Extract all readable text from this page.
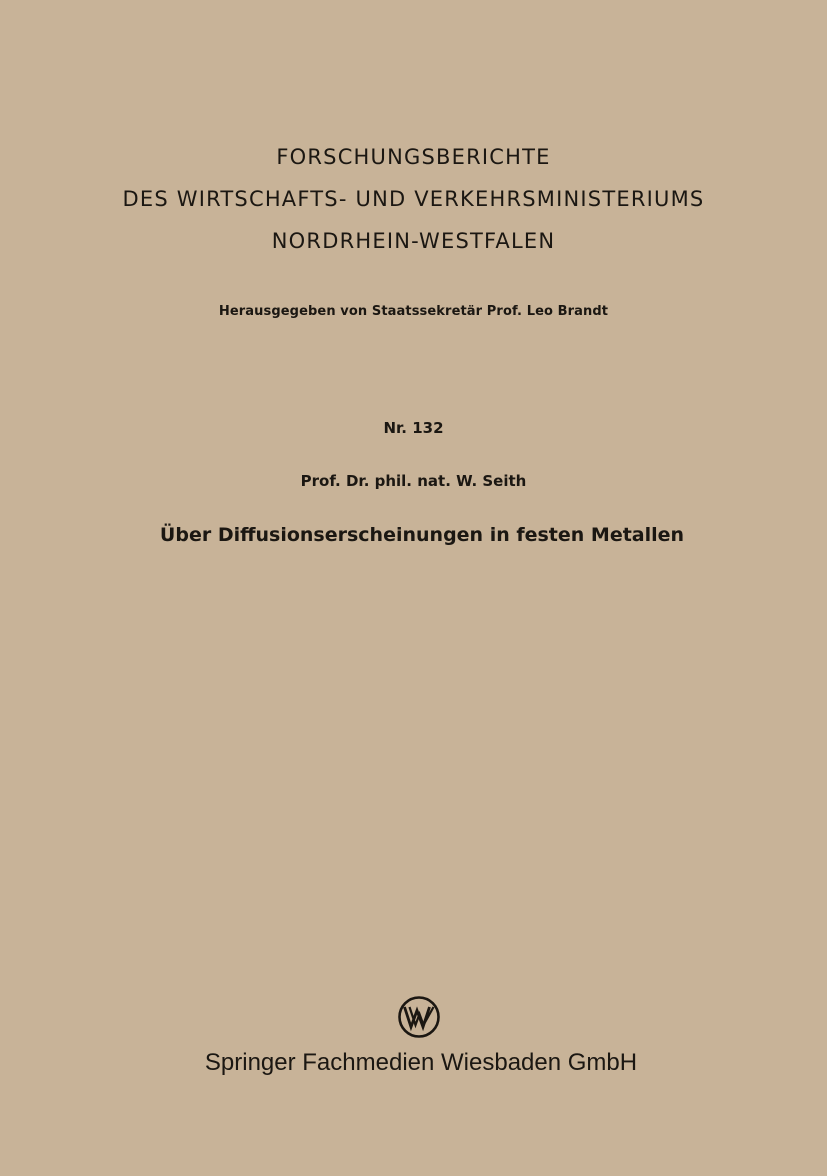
FORSCHUNGSBERICHTE
DES WIRTSCHAFTS- UND VERKEHRSMINISTERIUMS
NORDRHEIN-WESTFALEN
Herausgegeben von Staatssekretär Prof. Leo Brandt
Nr. 132
Prof. Dr. phil. nat. W. Seith
Über Diffusionserscheinungen in festen Metallen
Springer Fachmedien Wiesbaden GmbH
